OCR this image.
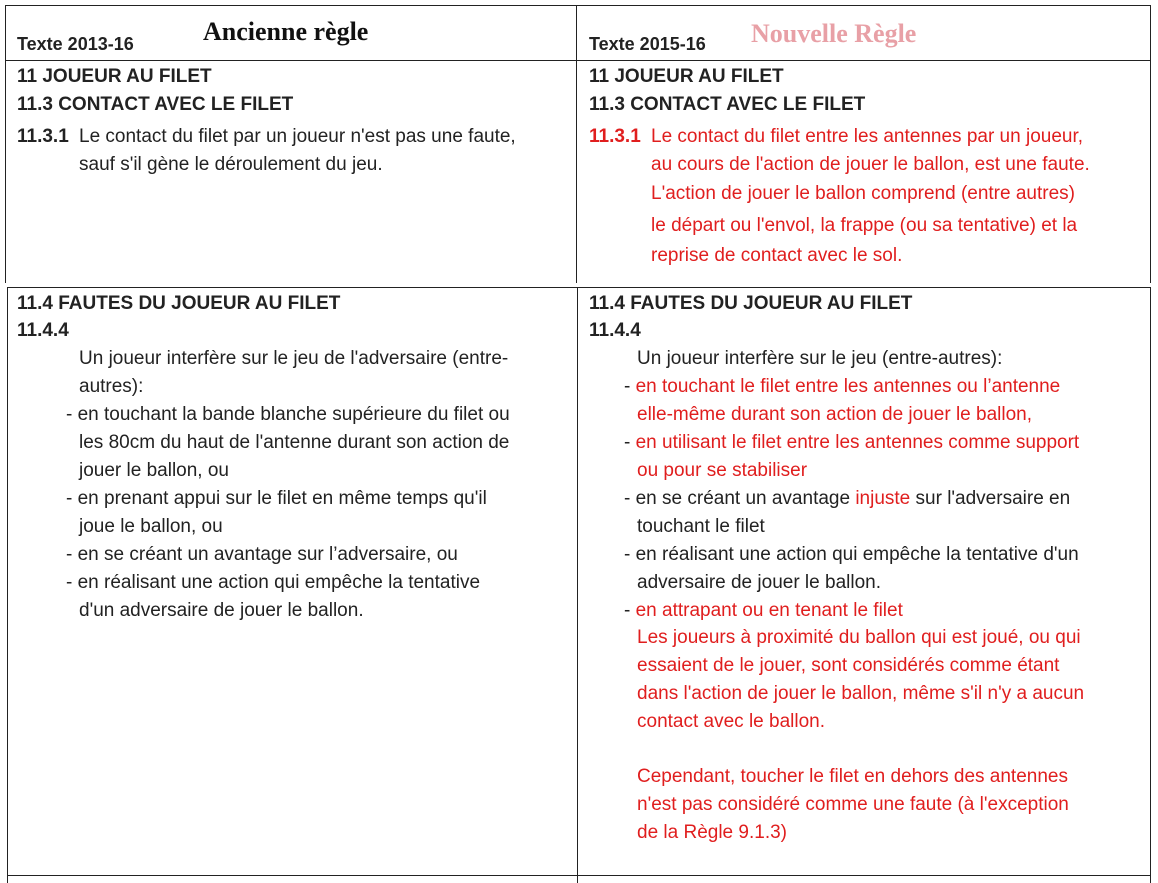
Texte 2013-16	Ancienne règle	Texte 2015-16 Nouvelle Règle
11 JOUEUR AU FILET
11.3 CONTACT AVEC LE FILET
11.3.1 Le contact du filet par un joueur n'est pas une faute,
sauf s'il gène le déroulement du jeu.
11 JOUEUR AU FILET
11.3 CONTACT AVEC LE FILET
11.3.1 Le contact du filet entre les antennes par un joueur,
au cours de l'action de jouer le ballon, est une faute.
L'action de jouer le ballon comprend (entre autres)
le départ ou l'envol, la frappe (ou sa tentative) et la
reprise de contact avec le sol.
11.4 FAUTES DU JOUEUR AU FILET
11.4.4
Un joueur interfère sur le jeu de l'adversaire (entre-
autres):
- en touchant la bande blanche supérieure du filet ou
les 80cm du haut de l'antenne durant son action de
jouer le ballon, ou
- en prenant appui sur le filet en même temps qu'il
joue le ballon, ou
- en se créant un avantage sur l’adversaire, ou
- en réalisant une action qui empêche la tentative
d'un adversaire de jouer le ballon.
11.4 FAUTES DU JOUEUR AU FILET
11.4.4
Un joueur interfère sur le jeu (entre-autres):
- en touchant le filet entre les antennes ou l’antenne
elle-même durant son action de jouer le ballon,
- en utilisant le filet entre les antennes comme support
ou pour se stabiliser
- en se créant un avantage injuste sur l'adversaire en
touchant le filet
- en réalisant une action qui empêche la tentative d'un
adversaire de jouer le ballon.
- en attrapant ou en tenant le filet
Les joueurs à proximité du ballon qui est joué, ou qui
essaient de le jouer, sont considérés comme étant
dans l'action de jouer le ballon, même s'il n'y a aucun
contact avec le ballon.
Cependant, toucher le filet en dehors des antennes
n'est pas considéré comme une faute (à l'exception
de la Règle 9.1.3)
